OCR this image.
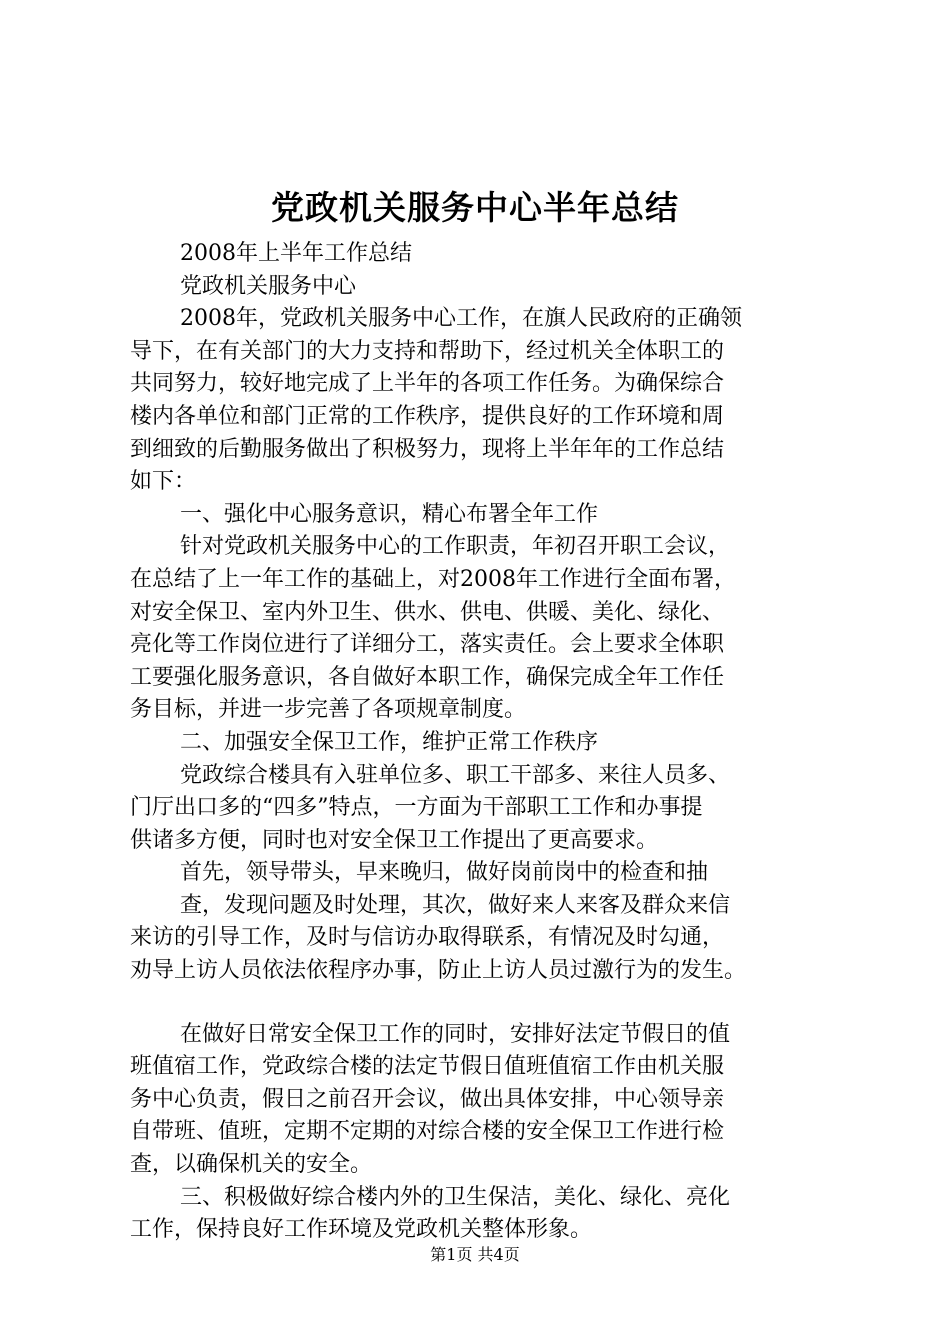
党政机关服务中心半年总结
2008年上半年工作总结
党政机关服务中心
2008年，党政机关服务中心工作，在旗人民政府的正确领
导下，在有关部门的大力支持和帮助下，经过机关全体职工的
共同努力，较好地完成了上半年的各项工作任务。为确保综合
楼内各单位和部门正常的工作秩序，提供良好的工作环境和周
到细致的后勤服务做出了积极努力，现将上半年年的工作总结
如下：
一、强化中心服务意识，精心布署全年工作
针对党政机关服务中心的工作职责，年初召开职工会议，
在总结了上一年工作的基础上，对2008年工作进行全面布署，
对安全保卫、室内外卫生、供水、供电、供暖、美化、绿化、
亮化等工作岗位进行了详细分工，落实责任。会上要求全体职
工要强化服务意识，各自做好本职工作，确保完成全年工作任
务目标，并进一步完善了各项规章制度。
二、加强安全保卫工作，维护正常工作秩序
党政综合楼具有入驻单位多、职工干部多、来往人员多、
门厅出口多的“四多”特点，一方面为干部职工工作和办事提
供诸多方便，同时也对安全保卫工作提出了更高要求。
首先，领导带头，早来晚归，做好岗前岗中的检查和抽
查，发现问题及时处理，其次，做好来人来客及群众来信
来访的引导工作，及时与信访办取得联系，有情况及时勾通，
劝导上访人员依法依程序办事，防止上访人员过激行为的发生。
在做好日常安全保卫工作的同时，安排好法定节假日的值
班值宿工作，党政综合楼的法定节假日值班值宿工作由机关服
务中心负责，假日之前召开会议，做出具体安排，中心领导亲
自带班、值班，定期不定期的对综合楼的安全保卫工作进行检
查，以确保机关的安全。
三、积极做好综合楼内外的卫生保洁，美化、绿化、亮化
工作，保持良好工作环境及党政机关整体形象。
第1页 共4页
